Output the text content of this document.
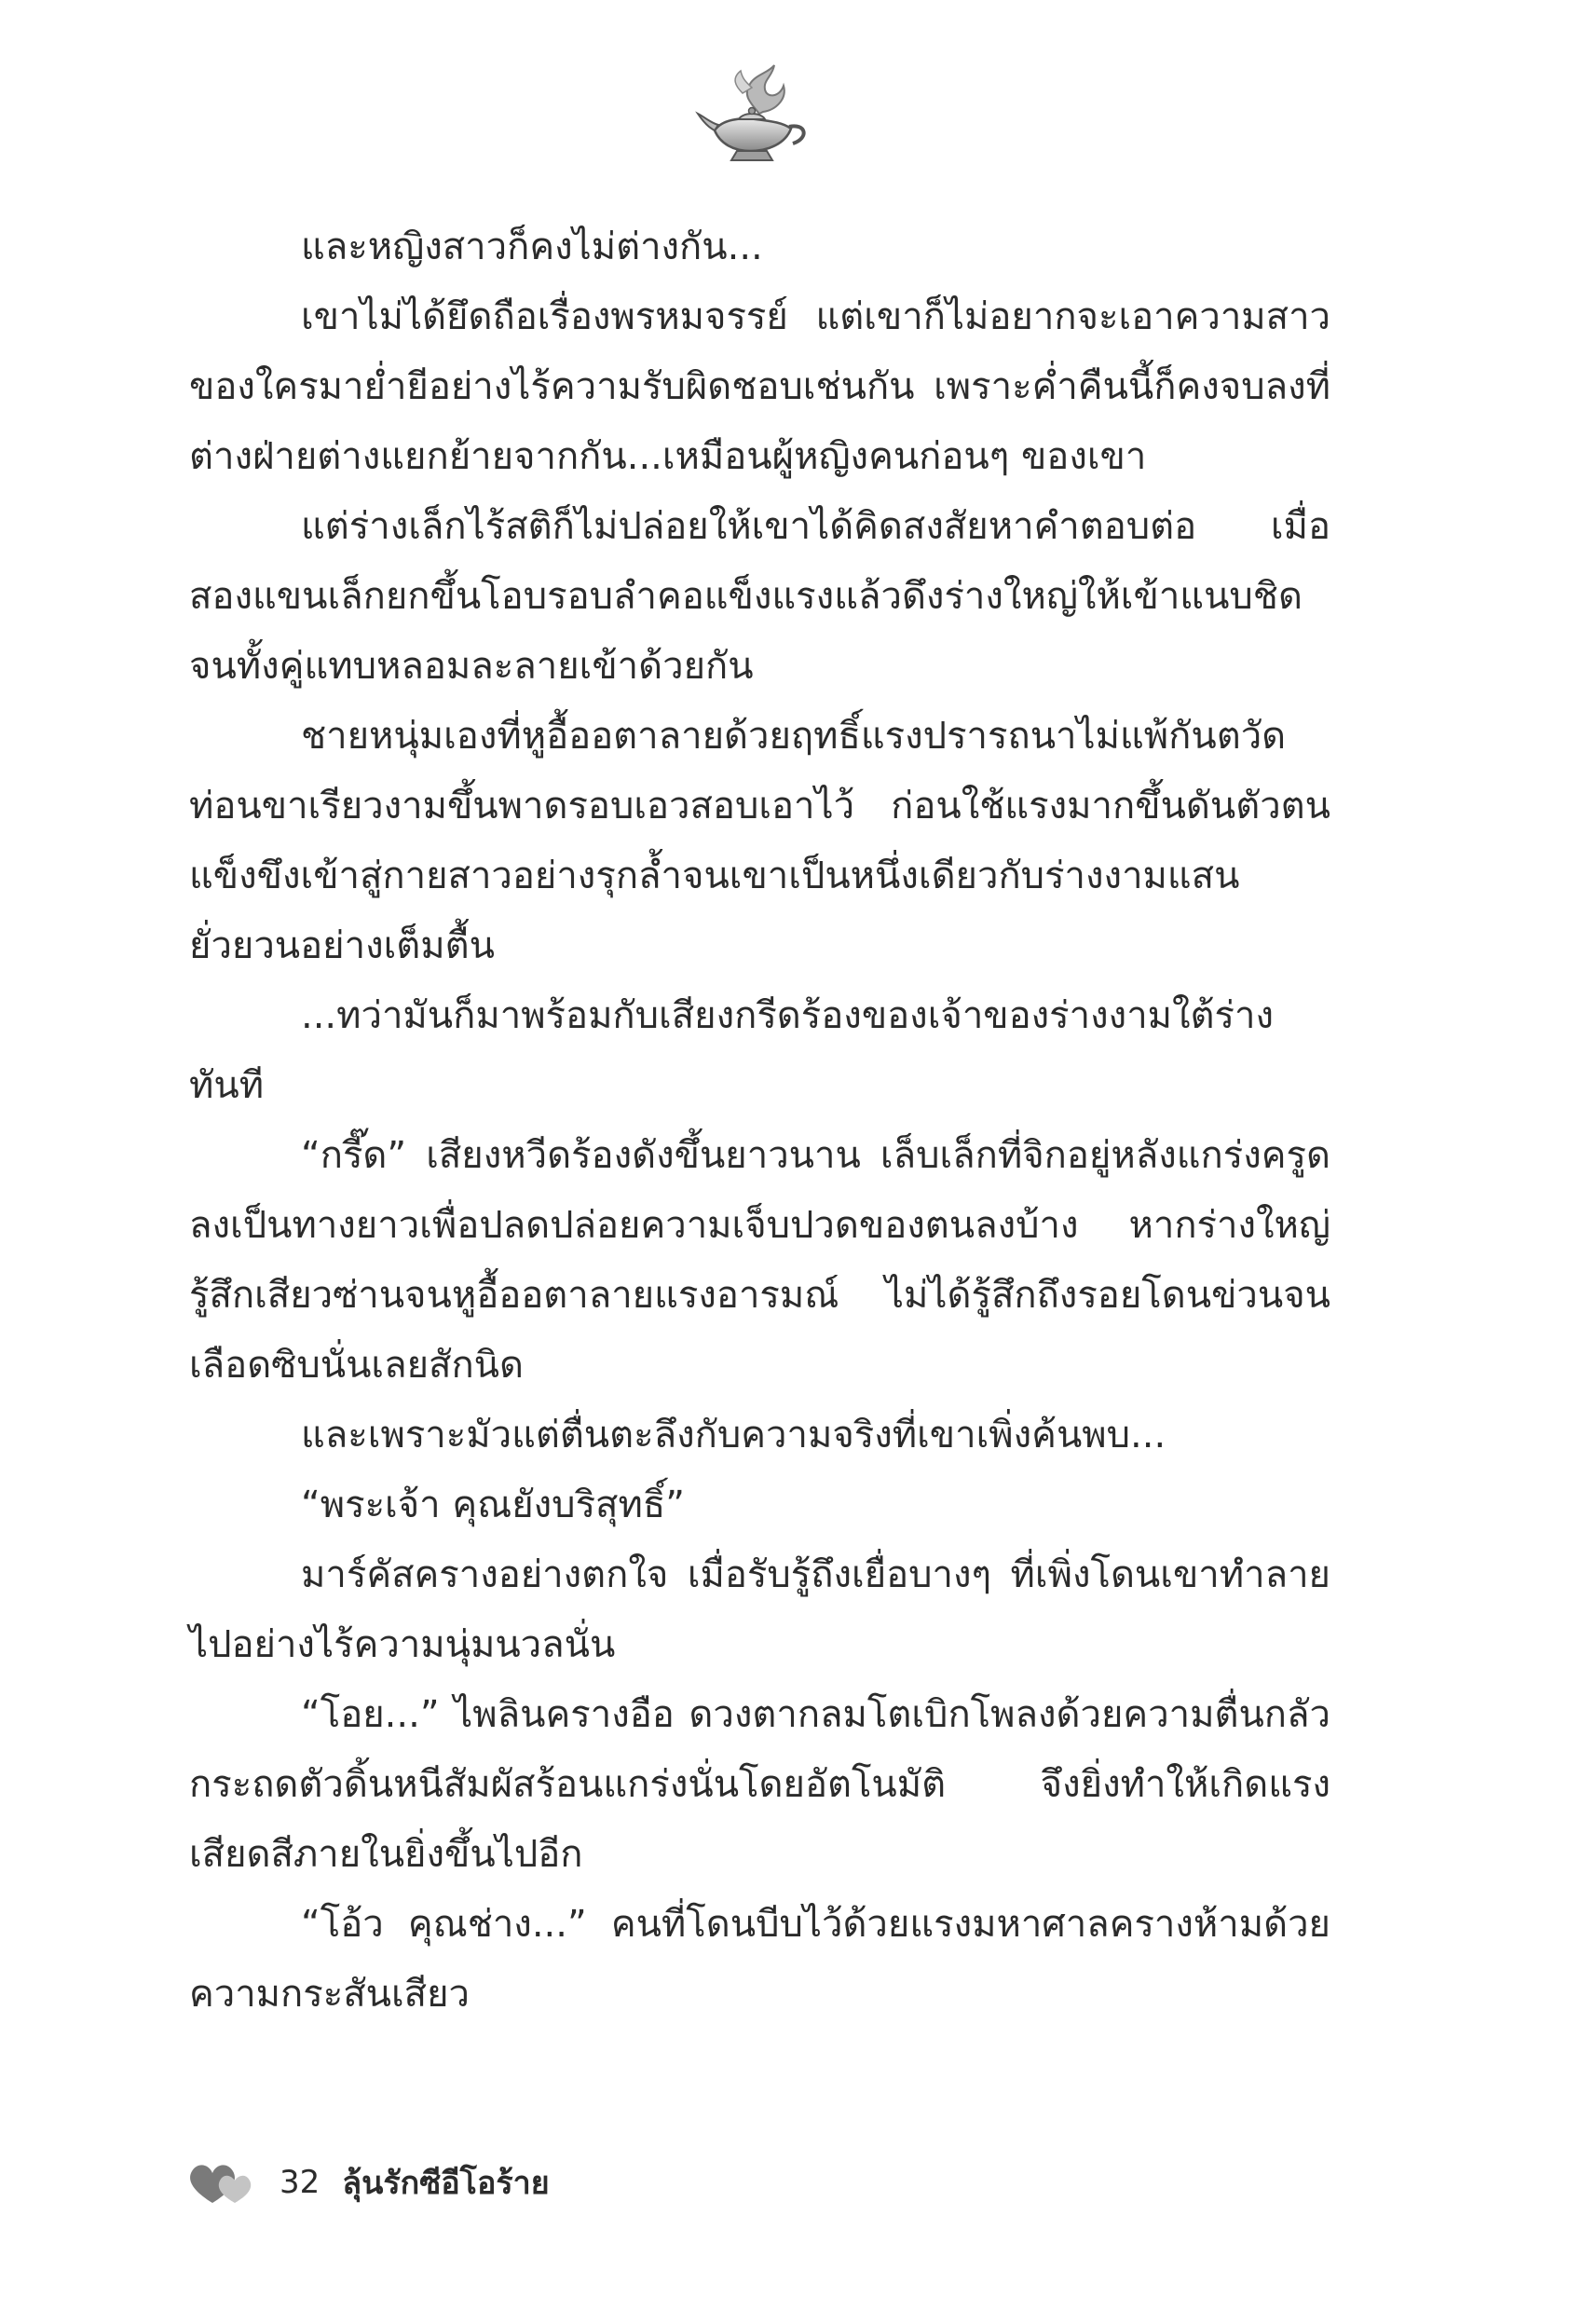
และหญิงสาวก็คงไม่ต่างกัน...

เขาไม่ได้ยึดถือเรื่องพรหมจรรย์ แต่เขาก็ไม่อยากจะเอาความสาวของใครมาย่ำยีอย่างไร้ความรับผิดชอบเช่นกัน เพราะค่ำคืนนี้ก็คงจบลงที่ต่างฝ่ายต่างแยกย้ายจากกัน...เหมือนผู้หญิงคนก่อนๆ ของเขา

แต่ร่างเล็กไร้สติก็ไม่ปล่อยให้เขาได้คิดสงสัยหาคำตอบต่อ เมื่อสองแขนเล็กยกขึ้นโอบรอบลำคอแข็งแรงแล้วดึงร่างใหญ่ให้เข้าแนบชิดจนทั้งคู่แทบหลอมละลายเข้าด้วยกัน

ชายหนุ่มเองที่หูอื้ออตาลายด้วยฤทธิ์แรงปรารถนาไม่แพ้กันตวัดท่อนขาเรียวงามขึ้นพาดรอบเอวสอบเอาไว้ ก่อนใช้แรงมากขึ้นดันตัวตนแข็งขึงเข้าสู่กายสาวอย่างรุกล้ำจนเขาเป็นหนึ่งเดียวกับร่างงามแสนยั่วยวนอย่างเต็มตื้น

...ทว่ามันก็มาพร้อมกับเสียงกรีดร้องของเจ้าของร่างงามใต้ร่างทันที

“กรี๊ด” เสียงหวีดร้องดังขึ้นยาวนาน เล็บเล็กที่จิกอยู่หลังแกร่งครูดลงเป็นทางยาวเพื่อปลดปล่อยความเจ็บปวดของตนลงบ้าง หากร่างใหญ่รู้สึกเสียวซ่านจนหูอื้ออตาลายแรงอารมณ์ ไม่ได้รู้สึกถึงรอยโดนข่วนจนเลือดซิบนั่นเลยสักนิด

และเพราะมัวแต่ตื่นตะลึงกับความจริงที่เขาเพิ่งค้นพบ...

“พระเจ้า คุณยังบริสุทธิ์”

มาร์คัสครางอย่างตกใจ เมื่อรับรู้ถึงเยื่อบางๆ ที่เพิ่งโดนเขาทำลายไปอย่างไร้ความนุ่มนวลนั่น

“โอย...” ไพลินครางอือ ดวงตากลมโตเบิกโพลงด้วยความตื่นกลัวกระถดตัวดิ้นหนีสัมผัสร้อนแกร่งนั่นโดยอัตโนมัติ จึงยิ่งทำให้เกิดแรงเสียดสีภายในยิ่งขึ้นไปอีก

“โอ้ว คุณช่าง...” คนที่โดนบีบไว้ด้วยแรงมหาศาลครางห้ามด้วยความกระสันเสียว

32 ลุ้นรักซีอีโอร้าย
